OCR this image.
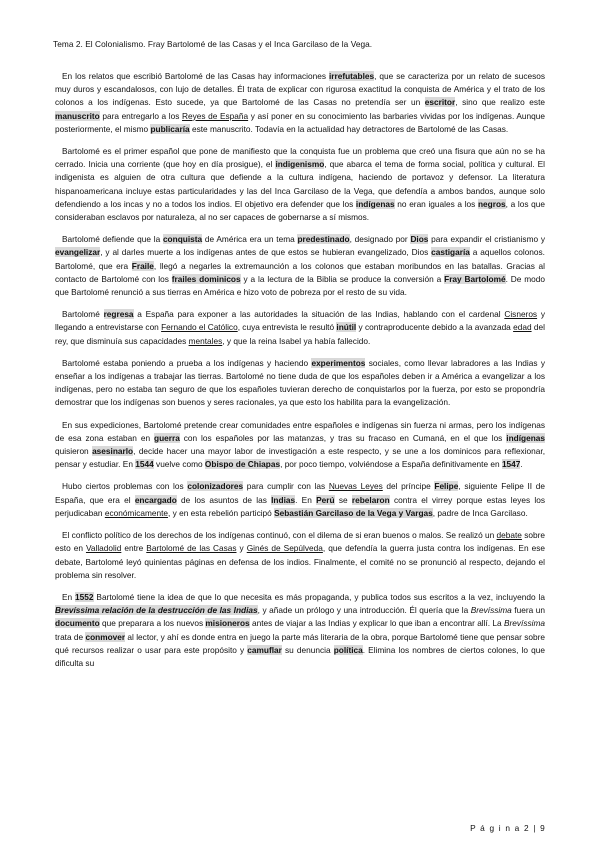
Tema 2. El Colonialismo. Fray Bartolomé de las Casas y el Inca Garcilaso de la Vega.

En los relatos que escribió Bartolomé de las Casas hay informaciones irrefutables, que se caracteriza por un relato de sucesos muy duros y escandalosos, con lujo de detalles. Él trata de explicar con rigurosa exactitud la conquista de América y el trato de los colonos a los indígenas. Esto sucede, ya que Bartolomé de las Casas no pretendía ser un escritor, sino que realizo este manuscrito para entregarlo a los Reyes de España y así poner en su conocimiento las barbaries vividas por los indígenas. Aunque posteriormente, el mismo publicaría este manuscrito. Todavía en la actualidad hay detractores de Bartolomé de las Casas.

Bartolomé es el primer español que pone de manifiesto que la conquista fue un problema que creó una fisura que aún no se ha cerrado. Inicia una corriente (que hoy en día prosigue), el indigenismo, que abarca el tema de forma social, política y cultural. El indigenista es alguien de otra cultura que defiende a la cultura indígena, haciendo de portavoz y defensor. La literatura hispanoamericana incluye estas particularidades y las del Inca Garcilaso de la Vega, que defendía a ambos bandos, aunque solo defendiendo a los incas y no a todos los indios. El objetivo era defender que los indígenas no eran iguales a los negros, a los que consideraban esclavos por naturaleza, al no ser capaces de gobernarse a sí mismos.

Bartolomé defiende que la conquista de América era un tema predestinado, designado por Dios para expandir el cristianismo y evangelizar, y al darles muerte a los indígenas antes de que estos se hubieran evangelizado, Dios castigaría a aquellos colonos. Bartolomé, que era Fraile, llegó a negarles la extremaunción a los colonos que estaban moribundos en las batallas. Gracias al contacto de Bartolomé con los frailes dominicos y a la lectura de la Biblia se produce la conversión a Fray Bartolomé. De modo que Bartolomé renunció a sus tierras en América e hizo voto de pobreza por el resto de su vida.

Bartolomé regresa a España para exponer a las autoridades la situación de las Indias, hablando con el cardenal Cisneros y llegando a entrevistarse con Fernando el Católico, cuya entrevista le resultó inútil y contraproducente debido a la avanzada edad del rey, que disminuía sus capacidades mentales, y que la reina Isabel ya había fallecido.

Bartolomé estaba poniendo a prueba a los indígenas y haciendo experimentos sociales, como llevar labradores a las Indias y enseñar a los indígenas a trabajar las tierras. Bartolomé no tiene duda de que los españoles deben ir a América a evangelizar a los indígenas, pero no estaba tan seguro de que los españoles tuvieran derecho de conquistarlos por la fuerza, por esto se propondría demostrar que los indígenas son buenos y seres racionales, ya que esto los habilita para la evangelización.

En sus expediciones, Bartolomé pretende crear comunidades entre españoles e indígenas sin fuerza ni armas, pero los indígenas de esa zona estaban en guerra con los españoles por las matanzas, y tras su fracaso en Cumaná, en el que los indígenas quisieron asesinarlo, decide hacer una mayor labor de investigación a este respecto, y se une a los dominicos para reflexionar, pensar y estudiar. En 1544 vuelve como Obispo de Chiapas, por poco tiempo, volviéndose a España definitivamente en 1547.

Hubo ciertos problemas con los colonizadores para cumplir con las Nuevas Leyes del príncipe Felipe, siguiente Felipe II de España, que era el encargado de los asuntos de las Indias. En Perú se rebelaron contra el virrey porque estas leyes los perjudicaban económicamente, y en esta rebelión participó Sebastián Garcilaso de la Vega y Vargas, padre de Inca Garcilaso.

El conflicto político de los derechos de los indígenas continuó, con el dilema de si eran buenos o malos. Se realizó un debate sobre esto en Valladolid entre Bartolomé de las Casas y Ginés de Sepúlveda, que defendía la guerra justa contra los indígenas. En ese debate, Bartolomé leyó quinientas páginas en defensa de los indios. Finalmente, el comité no se pronunció al respecto, dejando el problema sin resolver.

En 1552 Bartolomé tiene la idea de que lo que necesita es más propaganda, y publica todos sus escritos a la vez, incluyendo la Brevíssima relación de la destrucción de las Indias, y añade un prólogo y una introducción. Él quería que la Brevíssima fuera un documento que preparara a los nuevos misioneros antes de viajar a las Indias y explicar lo que iban a encontrar allí. La Brevíssima trata de conmover al lector, y ahí es donde entra en juego la parte más literaria de la obra, porque Bartolomé tiene que pensar sobre qué recursos realizar o usar para este propósito y camuflar su denuncia política. Elimina los nombres de ciertos colones, lo que dificulta su

P á g i n a 2 | 9
